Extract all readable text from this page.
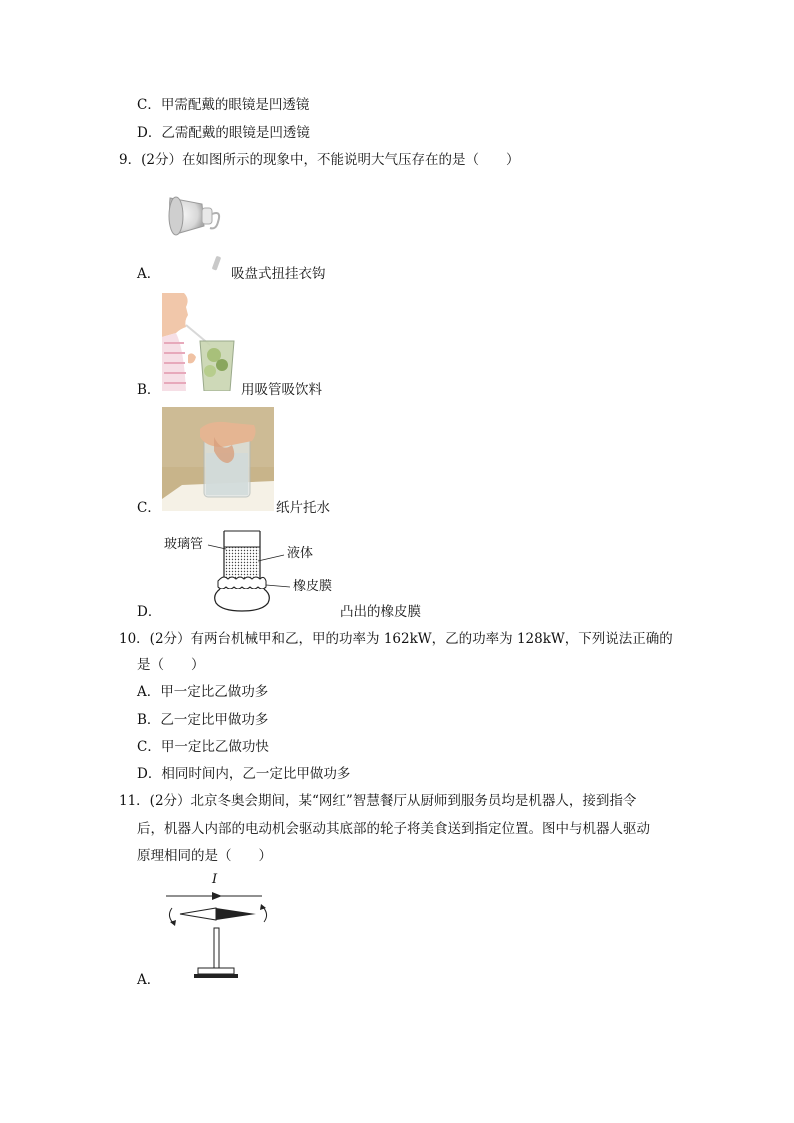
C．甲需配戴的眼镜是凹透镜
D．乙需配戴的眼镜是凹透镜
9．(2分）在如图所示的现象中，不能说明大气压存在的是（　　）
A．	吸盘式扭挂衣钩
B．	用吸管吸饮料
C．	纸片托水
玻璃管
液体
橡皮膜
D．	凸出的橡皮膜
10．(2分）有两台机械甲和乙，甲的功率为 162kW，乙的功率为 128kW，下列说法正确的
是（　　）
A．甲一定比乙做功多
B．乙一定比甲做功多
C．甲一定比乙做功快
D．相同时间内，乙一定比甲做功多
11．(2分）北京冬奥会期间，某“网红”智慧餐厅从厨师到服务员均是机器人，接到指令
后，机器人内部的电动机会驱动其底部的轮子将美食送到指定位置。图中与机器人驱动
原理相同的是（　　）
I
A．
